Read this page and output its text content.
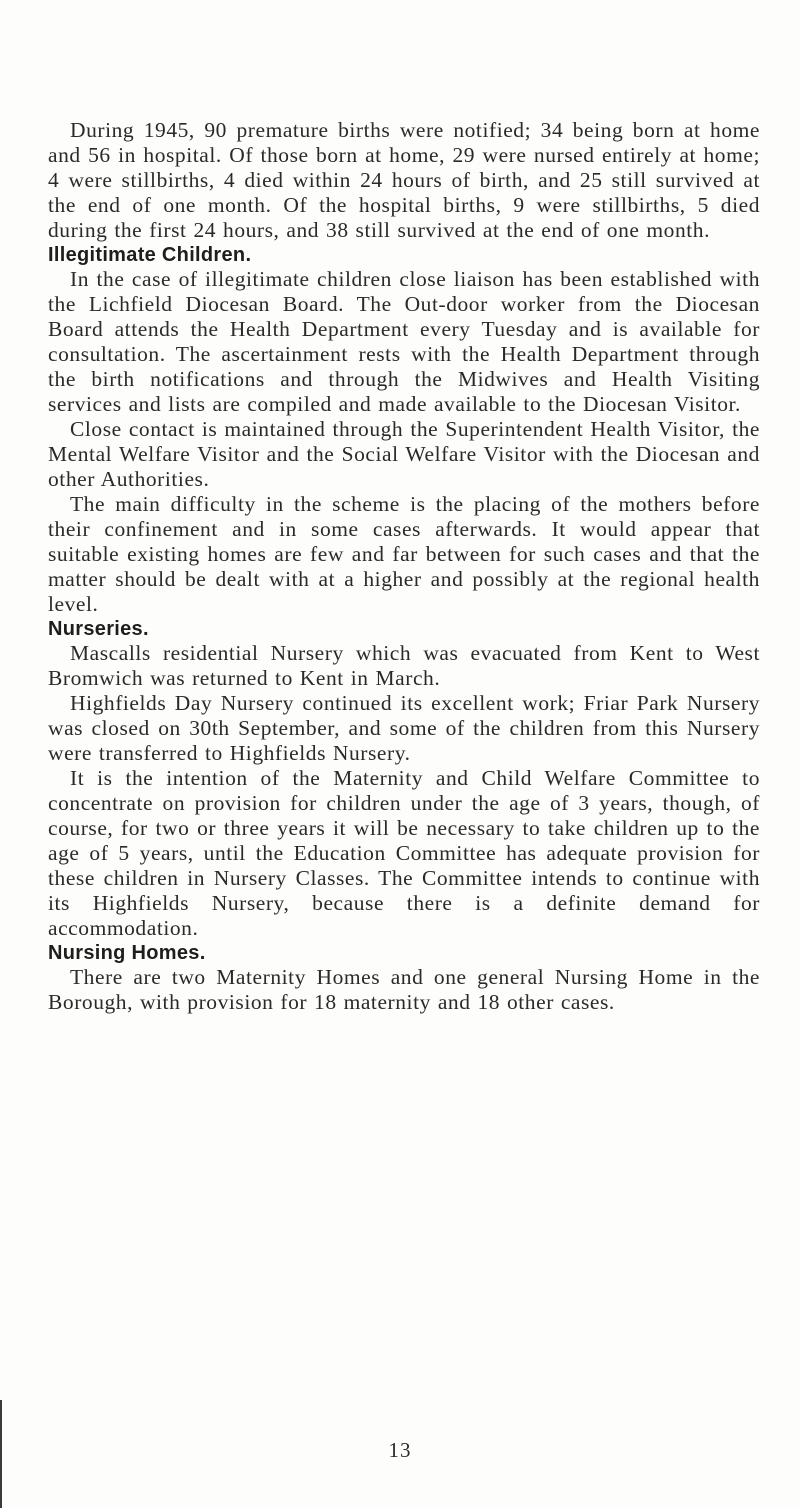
During 1945, 90 premature births were notified; 34 being born at home and 56 in hospital. Of those born at home, 29 were nursed entirely at home; 4 were stillbirths, 4 died within 24 hours of birth, and 25 still survived at the end of one month. Of the hospital births, 9 were stillbirths, 5 died during the first 24 hours, and 38 still survived at the end of one month.

Illegitimate Children.

In the case of illegitimate children close liaison has been established with the Lichfield Diocesan Board. The Out-door worker from the Diocesan Board attends the Health Department every Tuesday and is available for consultation. The ascertainment rests with the Health Department through the birth notifications and through the Midwives and Health Visiting services and lists are compiled and made available to the Diocesan Visitor.

Close contact is maintained through the Superintendent Health Visitor, the Mental Welfare Visitor and the Social Welfare Visitor with the Diocesan and other Authorities.

The main difficulty in the scheme is the placing of the mothers before their confinement and in some cases afterwards. It would appear that suitable existing homes are few and far between for such cases and that the matter should be dealt with at a higher and possibly at the regional health level.

Nurseries.

Mascalls residential Nursery which was evacuated from Kent to West Bromwich was returned to Kent in March.

Highfields Day Nursery continued its excellent work; Friar Park Nursery was closed on 30th September, and some of the children from this Nursery were transferred to Highfields Nursery.

It is the intention of the Maternity and Child Welfare Committee to concentrate on provision for children under the age of 3 years, though, of course, for two or three years it will be necessary to take children up to the age of 5 years, until the Education Committee has adequate provision for these children in Nursery Classes. The Committee intends to continue with its Highfields Nursery, because there is a definite demand for accommodation.

Nursing Homes.

There are two Maternity Homes and one general Nursing Home in the Borough, with provision for 18 maternity and 18 other cases.

13
